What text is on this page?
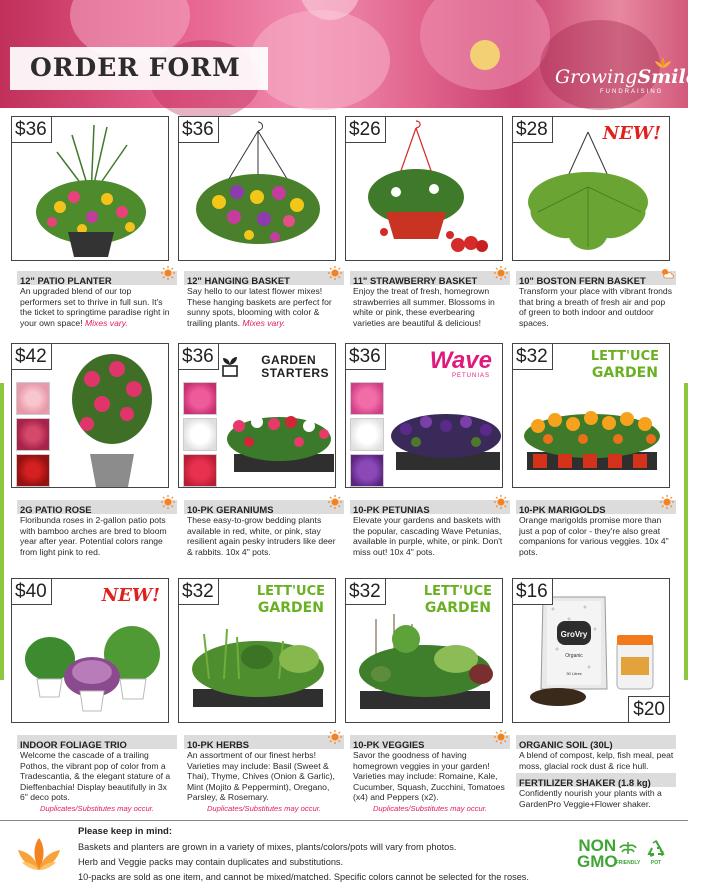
ORDER FORM	GrowingSmiles
FUNDRAISING
$36
12" PATIO PLANTER
An upgraded blend of our top performers set to thrive in full sun. It's the ticket to springtime paradise right in your own space! Mixes vary.
$36
12" HANGING BASKET
Say hello to our latest flower mixes! These hanging baskets are perfect for sunny spots, blooming with color & trailing plants. Mixes vary.
$26
11" STRAWBERRY BASKET
Enjoy the treat of fresh, homegrown strawberries all summer. Blossoms in white or pink, these everbearing varieties are beautiful & delicious!
$28	NEW!
10" BOSTON FERN BASKET
Transform your place with vibrant fronds that bring a breath of fresh air and pop of green to both indoor and outdoor spaces.
$42
2G PATIO ROSE
Floribunda roses in 2-gallon patio pots with bamboo arches are bred to bloom year after year. Potential colors range from light pink to red.
$36	GARDEN
STARTERS
10-PK GERANIUMS
These easy-to-grow bedding plants available in red, white, or pink, stay resilient again pesky intruders like deer & rabbits. 10x 4" pots.
$36 Wave
PETUNIAS
10-PK PETUNIAS
Elevate your gardens and baskets with the popular, cascading Wave Petunias, available in purple, white, or pink. Don't miss out! 10x 4" pots.
$32	LETT'UCE
GARDEN
10-PK MARIGOLDS
Orange marigolds promise more than just a pop of color - they're also great companions for various veggies. 10x 4" pots.
$40	NEW!
INDOOR FOLIAGE TRIO
Welcome the cascade of a trailing Pothos, the vibrant pop of color from a Tradescantia, & the elegant stature of a Dieffenbachia! Display beautifully in 3x 6" deco pots.
Duplicates/Substitutes may occur.
$32	LETT'UCE
GARDEN
10-PK HERBS
An assortment of our finest herbs! Varieties may include: Basil (Sweet & Thai), Thyme, Chives (Onion & Garlic), Mint (Mojito & Peppermint), Oregano, Parsley, & Rosemary.
Duplicates/Substitutes may occur.
$32	LETT'UCE
GARDEN
10-PK VEGGIES
Savor the goodness of having homegrown veggies in your garden! Varieties may include: Romaine, Kale, Cucumber, Squash, Zucchini, Tomatoes (x4) and Peppers (x2).
Duplicates/Substitutes may occur.
$16
$20
GroVry
Organic
30 Litres
ORGANIC SOIL (30L)
A blend of compost, kelp, fish meal, peat moss, glacial rock dust & rice hull.
FERTILIZER SHAKER (1.8 kg)
Confidently nourish your plants with a GardenPro Veggie+Flower shaker.
Please keep in mind:
Baskets and planters are grown in a variety of mixes, plants/colors/pots will vary from photos.
Herb and Veggie packs may contain duplicates and substitutions.
10-packs are sold as one item, and cannot be mixed/matched. Specific colors cannot be selected for the roses.
NON
GMO
FRIENDLY POT
